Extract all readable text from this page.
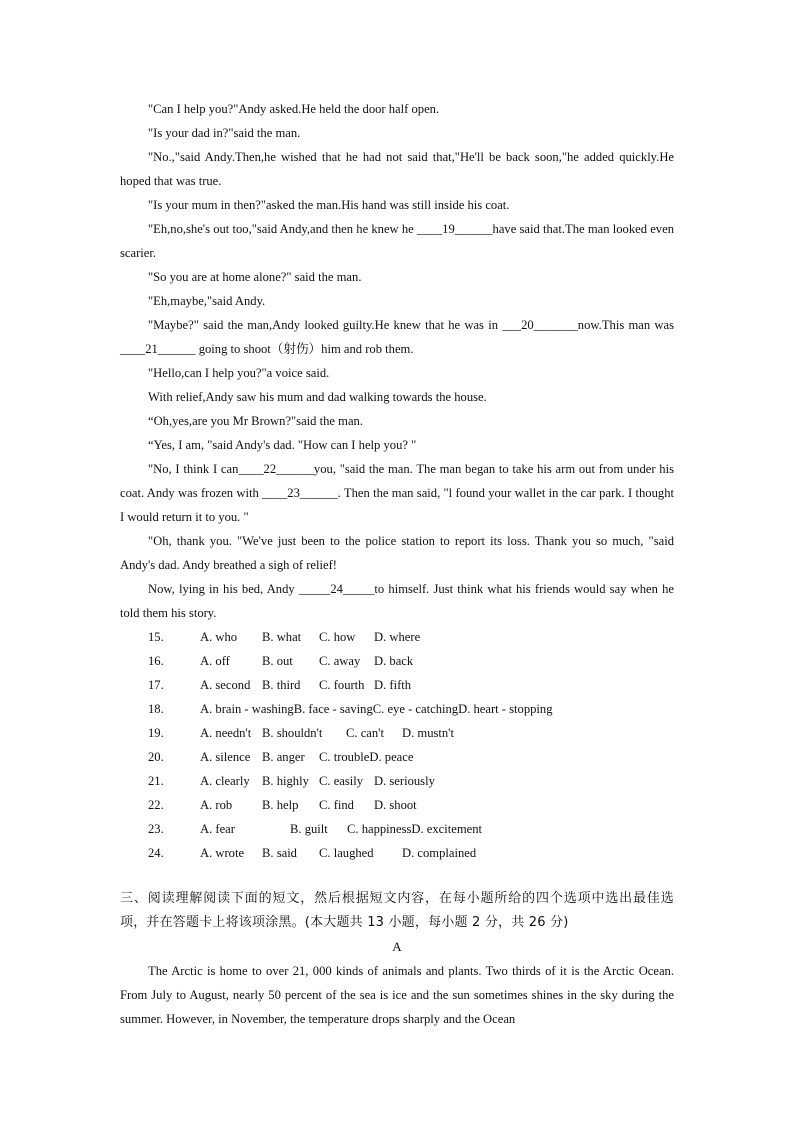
"Can I help you?"Andy asked.He held the door half open.
"Is your dad in?"said the man.
"No.,"said Andy.Then,he wished that he had not said that,"He'll be back soon,"he added quickly.He hoped that was true.
"Is your mum in then?"asked the man.His hand was still inside his coat.
"Eh,no,she's out too,"said Andy,and then he knew he ____19______have said that.The man looked even scarier.
"So you are at home alone?" said the man.
"Eh,maybe,"said Andy.
"Maybe?" said the man,Andy looked guilty.He knew that he was in ___20_______now.This man was ____21______ going to shoot（射伤）him and rob them.
"Hello,can I help you?"a voice said.
With relief,Andy saw his mum and dad walking towards the house.
“Oh,yes,are you Mr Brown?"said the man.
“Yes, I am, "said Andy's dad. "How can I help you? "
"No, I think I can____22______you, "said the man. The man began to take his arm out from under his coat. Andy was frozen with ____23______. Then the man said, "l found your wallet in the car park. I thought I would return it to you. "
"Oh, thank you. "We've just been to the police station to report its loss. Thank you so much, "said Andy's dad. Andy breathed a sigh of relief!
Now, lying in his bed, Andy _____24_____to himself. Just think what his friends would say when he told them his story.
15.	A. who	B. what	C. how	D. where
16.	A. off	B. out	C. away	D. back
17.	A. second B. third	C. fourth D. fifth
18.	A. brain - washing B. face - saving C. eye - catching D. heart - stopping
19.	A. needn't B. shouldn't	C. can't	D. mustn't
20.	A. silence B. anger	C. trouble D. peace
21.	A. clearly B. highly C. easily D. seriously
22.	A. rob	B. help	C. find	D. shoot
23.	A. fear	B. guilt	C. happiness D. excitement
24.	A. wrote	B. said	C. laughed	D. complained
三、阅读理解阅读下面的短文，然后根据短文内容，在每小题所给的四个选项中选出最佳选项，并在答题卡上将该项涂黑。(本大题共 13 小题，每小题 2 分，共 26 分)
A
The Arctic is home to over 21, 000 kinds of animals and plants. Two thirds of it is the Arctic Ocean. From July to August, nearly 50 percent of the sea is ice and the sun sometimes shines in the sky during the summer. However, in November, the temperature drops sharply and the Ocean
